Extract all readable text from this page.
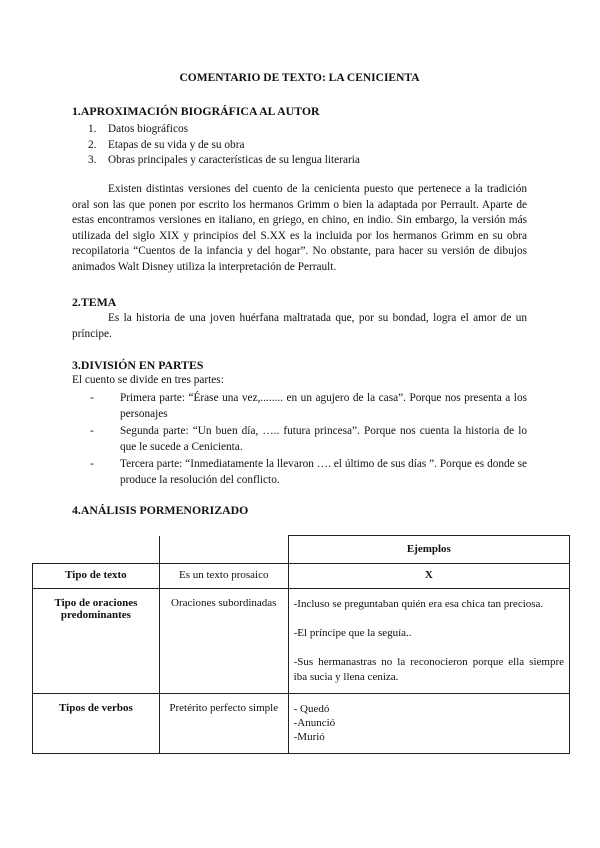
COMENTARIO DE TEXTO: LA CENICIENTA
1.APROXIMACIÓN BIOGRÁFICA AL AUTOR
1. Datos biográficos
2. Etapas de su vida y de su obra
3. Obras principales y características de su lengua literaria

Existen distintas versiones del cuento de la cenicienta puesto que pertenece a la tradición oral son las que ponen por escrito los hermanos Grimm o bien la adaptada por Perrault. Aparte de estas encontramos versiones en italiano, en griego, en chino, en indio. Sin embargo, la versión más utilizada del siglo XIX y principios del S.XX es la incluida por los hermanos Grimm en su obra recopilatoria “Cuentos de la infancia y del hogar”. No obstante, para hacer su versión de dibujos animados Walt Disney utiliza la interpretación de Perrault.

2.TEMA

Es la historia de una joven huérfana maltratada que, por su bondad, logra el amor de un príncipe.

3.DIVISIÓN EN PARTES
El cuento se divide en tres partes:
- Primera parte: “Érase una vez,........ en un agujero de la casa”. Porque nos presenta a los personajes
- Segunda parte: “Un buen día, ….. futura princesa”. Porque nos cuenta la historia de lo que le sucede a Cenicienta.
- Tercera parte: “Inmediatamente la llevaron …. el último de sus días ”. Porque es donde se produce la resolución del conflicto.
4.ANÁLISIS PORMENORIZADO
		Ejemplos
Tipo de texto	Es un texto prosaico	X
Tipo de oraciones predominantes	Oraciones subordinadas	-Incluso se preguntaban quién era esa chica tan preciosa.
-El príncipe que la seguía..
-Sus hermanastras no la reconocieron porque ella siempre iba sucia y llena ceniza.

Tipos de verbos	Pretérito perfecto simple	- Quedó
-Anunció
-Murió
